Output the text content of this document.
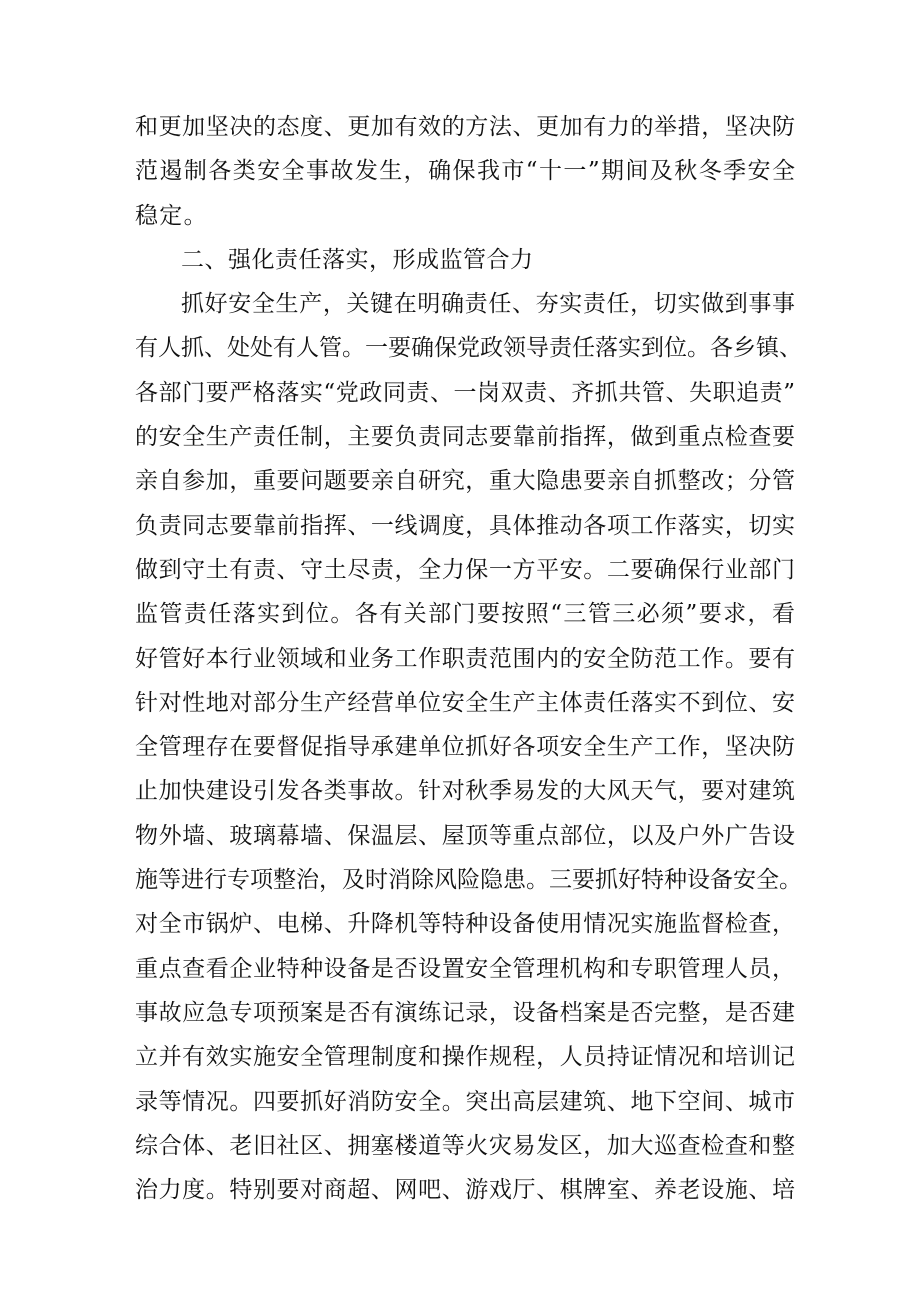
和更加坚决的态度、更加有效的方法、更加有力的举措，坚决防
范遏制各类安全事故发生，确保我市“十一”期间及秋冬季安全
稳定。
二、强化责任落实，形成监管合力
抓好安全生产，关键在明确责任、夯实责任，切实做到事事
有人抓、处处有人管。一要确保党政领导责任落实到位。各乡镇、
各部门要严格落实“党政同责、一岗双责、齐抓共管、失职追责”
的安全生产责任制，主要负责同志要靠前指挥，做到重点检查要
亲自参加，重要问题要亲自研究，重大隐患要亲自抓整改；分管
负责同志要靠前指挥、一线调度，具体推动各项工作落实，切实
做到守土有责、守土尽责，全力保一方平安。二要确保行业部门
监管责任落实到位。各有关部门要按照“三管三必须”要求，看
好管好本行业领域和业务工作职责范围内的安全防范工作。要有
针对性地对部分生产经营单位安全生产主体责任落实不到位、安
全管理存在要督促指导承建单位抓好各项安全生产工作，坚决防
止加快建设引发各类事故。针对秋季易发的大风天气，要对建筑
物外墙、玻璃幕墙、保温层、屋顶等重点部位，以及户外广告设
施等进行专项整治，及时消除风险隐患。三要抓好特种设备安全。
对全市锅炉、电梯、升降机等特种设备使用情况实施监督检查，
重点查看企业特种设备是否设置安全管理机构和专职管理人员，
事故应急专项预案是否有演练记录，设备档案是否完整，是否建
立并有效实施安全管理制度和操作规程，人员持证情况和培训记
录等情况。四要抓好消防安全。突出高层建筑、地下空间、城市
综合体、老旧社区、拥塞楼道等火灾易发区，加大巡查检查和整
治力度。特别要对商超、网吧、游戏厅、棋牌室、养老设施、培
